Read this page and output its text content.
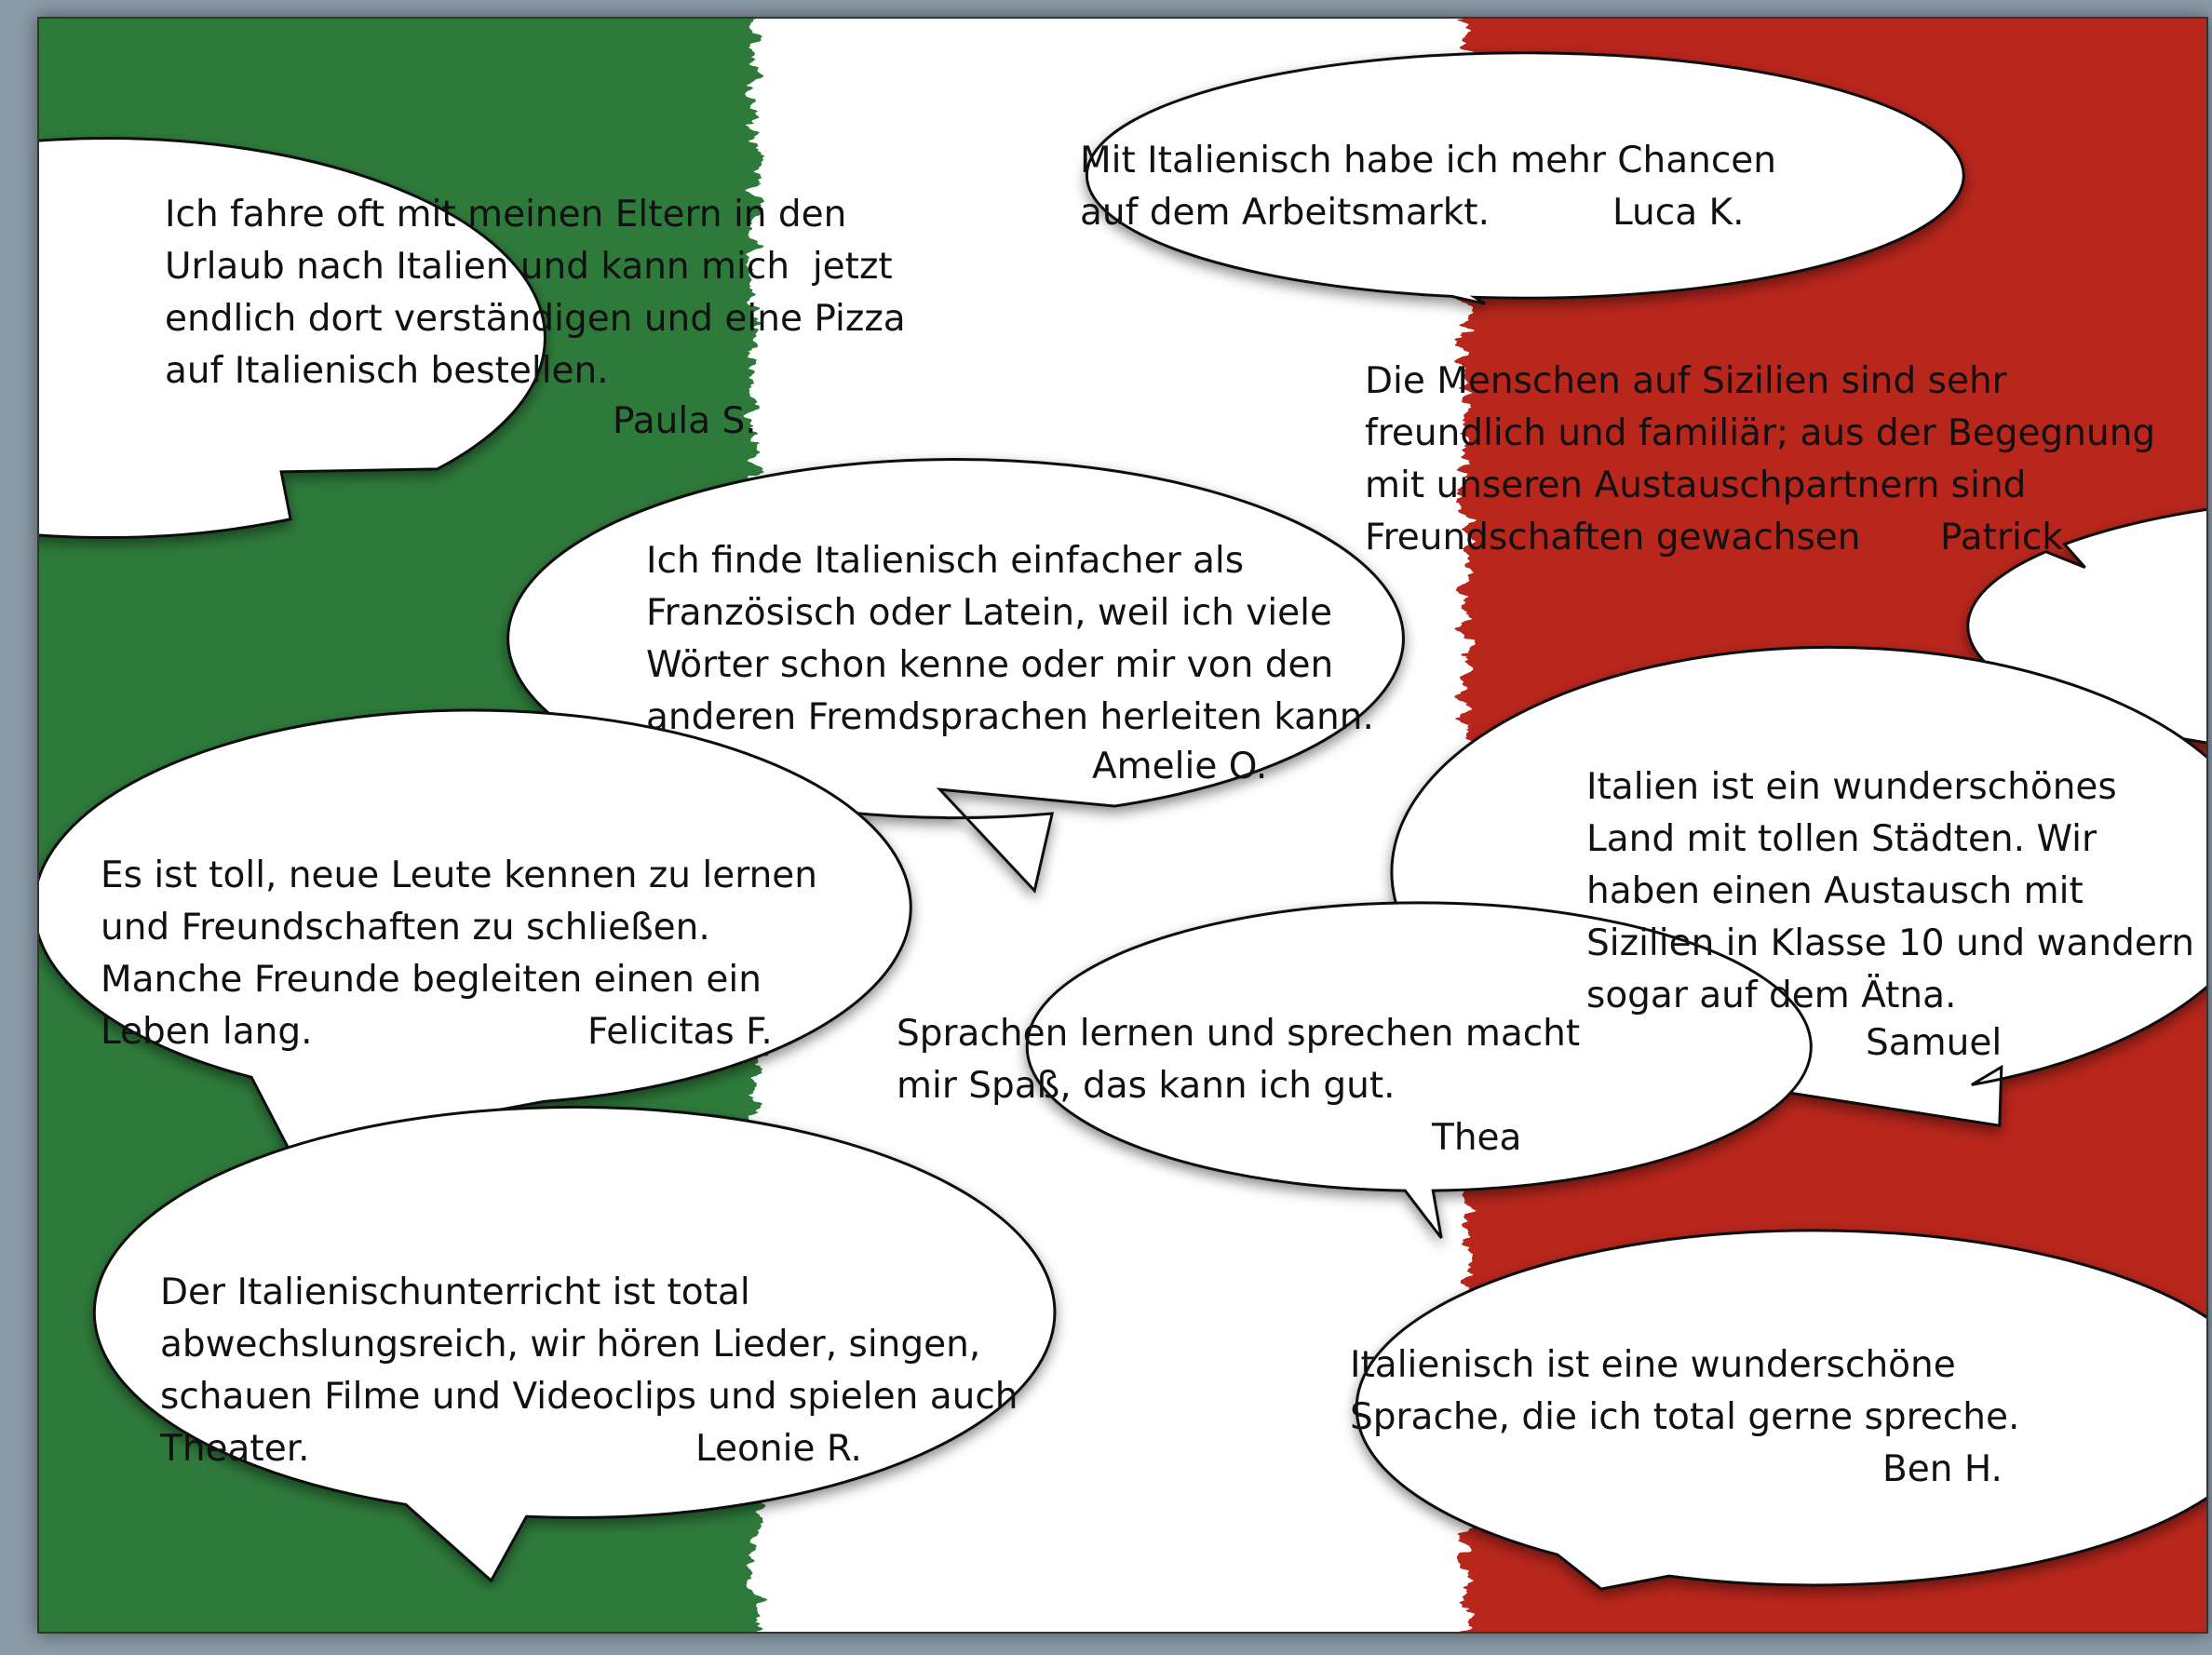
Ich fahre oft mit meinen Eltern in den
Urlaub nach Italien und kann mich  jetzt
endlich dort verständigen und eine Pizza
auf Italienisch bestellen.

Paula S.

Mit Italienisch habe ich mehr Chancen
auf dem Arbeitsmarkt.	Luca K.

Die Menschen auf Sizilien sind sehr
freundlich und familiär; aus der Begegnung
mit unseren Austauschpartnern sind
Freundschaften gewachsen	Patrick

Ich finde Italienisch einfacher als
Französisch oder Latein, weil ich viele
Wörter schon kenne oder mir von den
anderen Fremdsprachen herleiten kann.

Amelie O.	Italien ist ein wunderschönes
Land mit tollen Städten. Wir
haben einen Austausch mit
Sizilien in Klasse 10 und wandern
sogar auf dem Ätna.

Samuel

Es ist toll, neue Leute kennen zu lernen
und Freundschaften zu schließen.
Manche Freunde begleiten einen ein
Leben lang.	Felicitas F.	Sprachen lernen und sprechen macht
mir Spaß, das kann ich gut.

Thea

Der Italienischunterricht ist total
abwechslungsreich, wir hören Lieder, singen,
schauen Filme und Videoclips und spielen auch
Theater.	Leonie R.

Italienisch ist eine wunderschöne
Sprache, die ich total gerne spreche.

Ben H.
